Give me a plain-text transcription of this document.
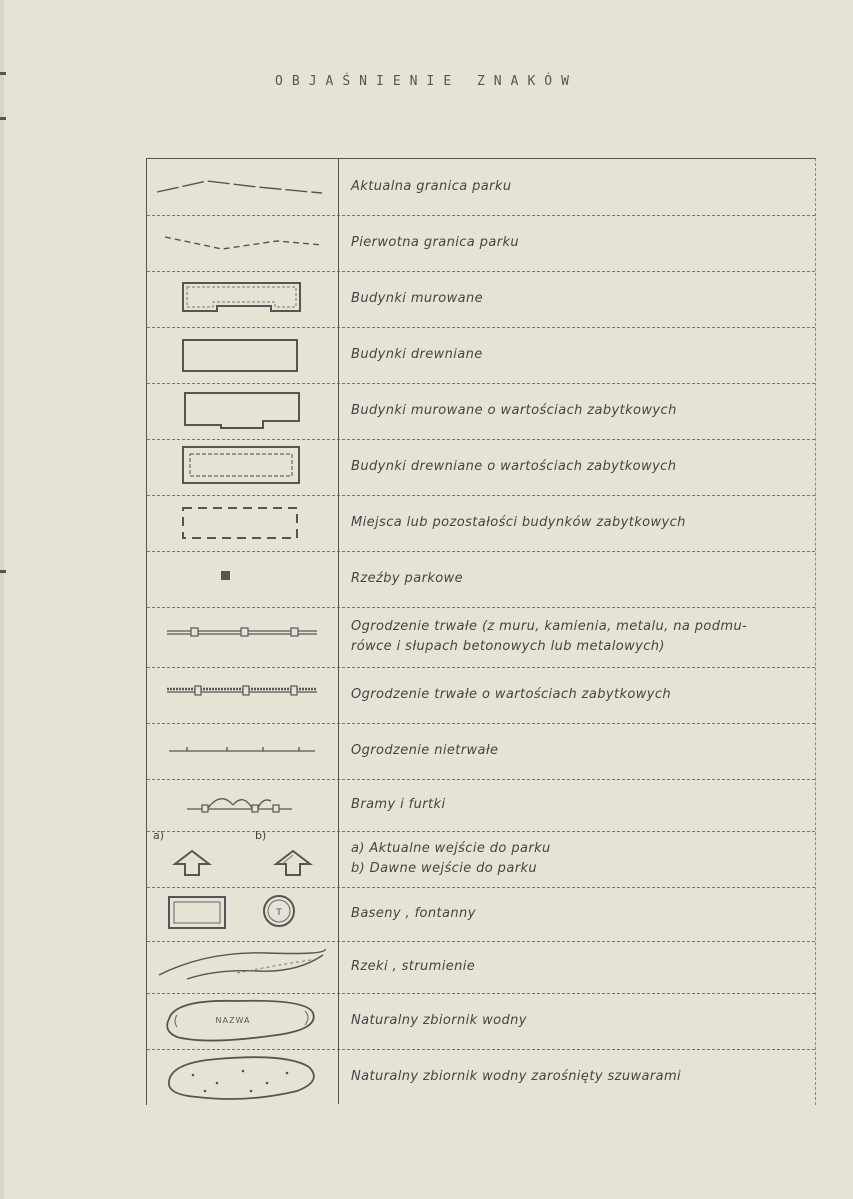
OBJAŚNIENIE ZNAKÓW
Aktualna granica parku
Pierwotna granica parku
Budynki murowane
Budynki drewniane
Budynki murowane o wartościach zabytkowych
Budynki drewniane o wartościach zabytkowych
Miejsca lub pozostałości budynków zabytkowych
Rzeźby parkowe
Ogrodzenie trwałe (z muru, kamienia, metalu, na podmu-
rówce i słupach betonowych lub metalowych)
Ogrodzenie trwałe o wartościach zabytkowych
Ogrodzenie nietrwałe
Bramy i furtki
a)	b)
a) Aktualne wejście do parku
b) Dawne wejście do parku
T	Baseny , fontanny
Rzeki , strumienie
NAZWA	Naturalny zbiornik wodny
Naturalny zbiornik wodny zarośnięty szuwarami
